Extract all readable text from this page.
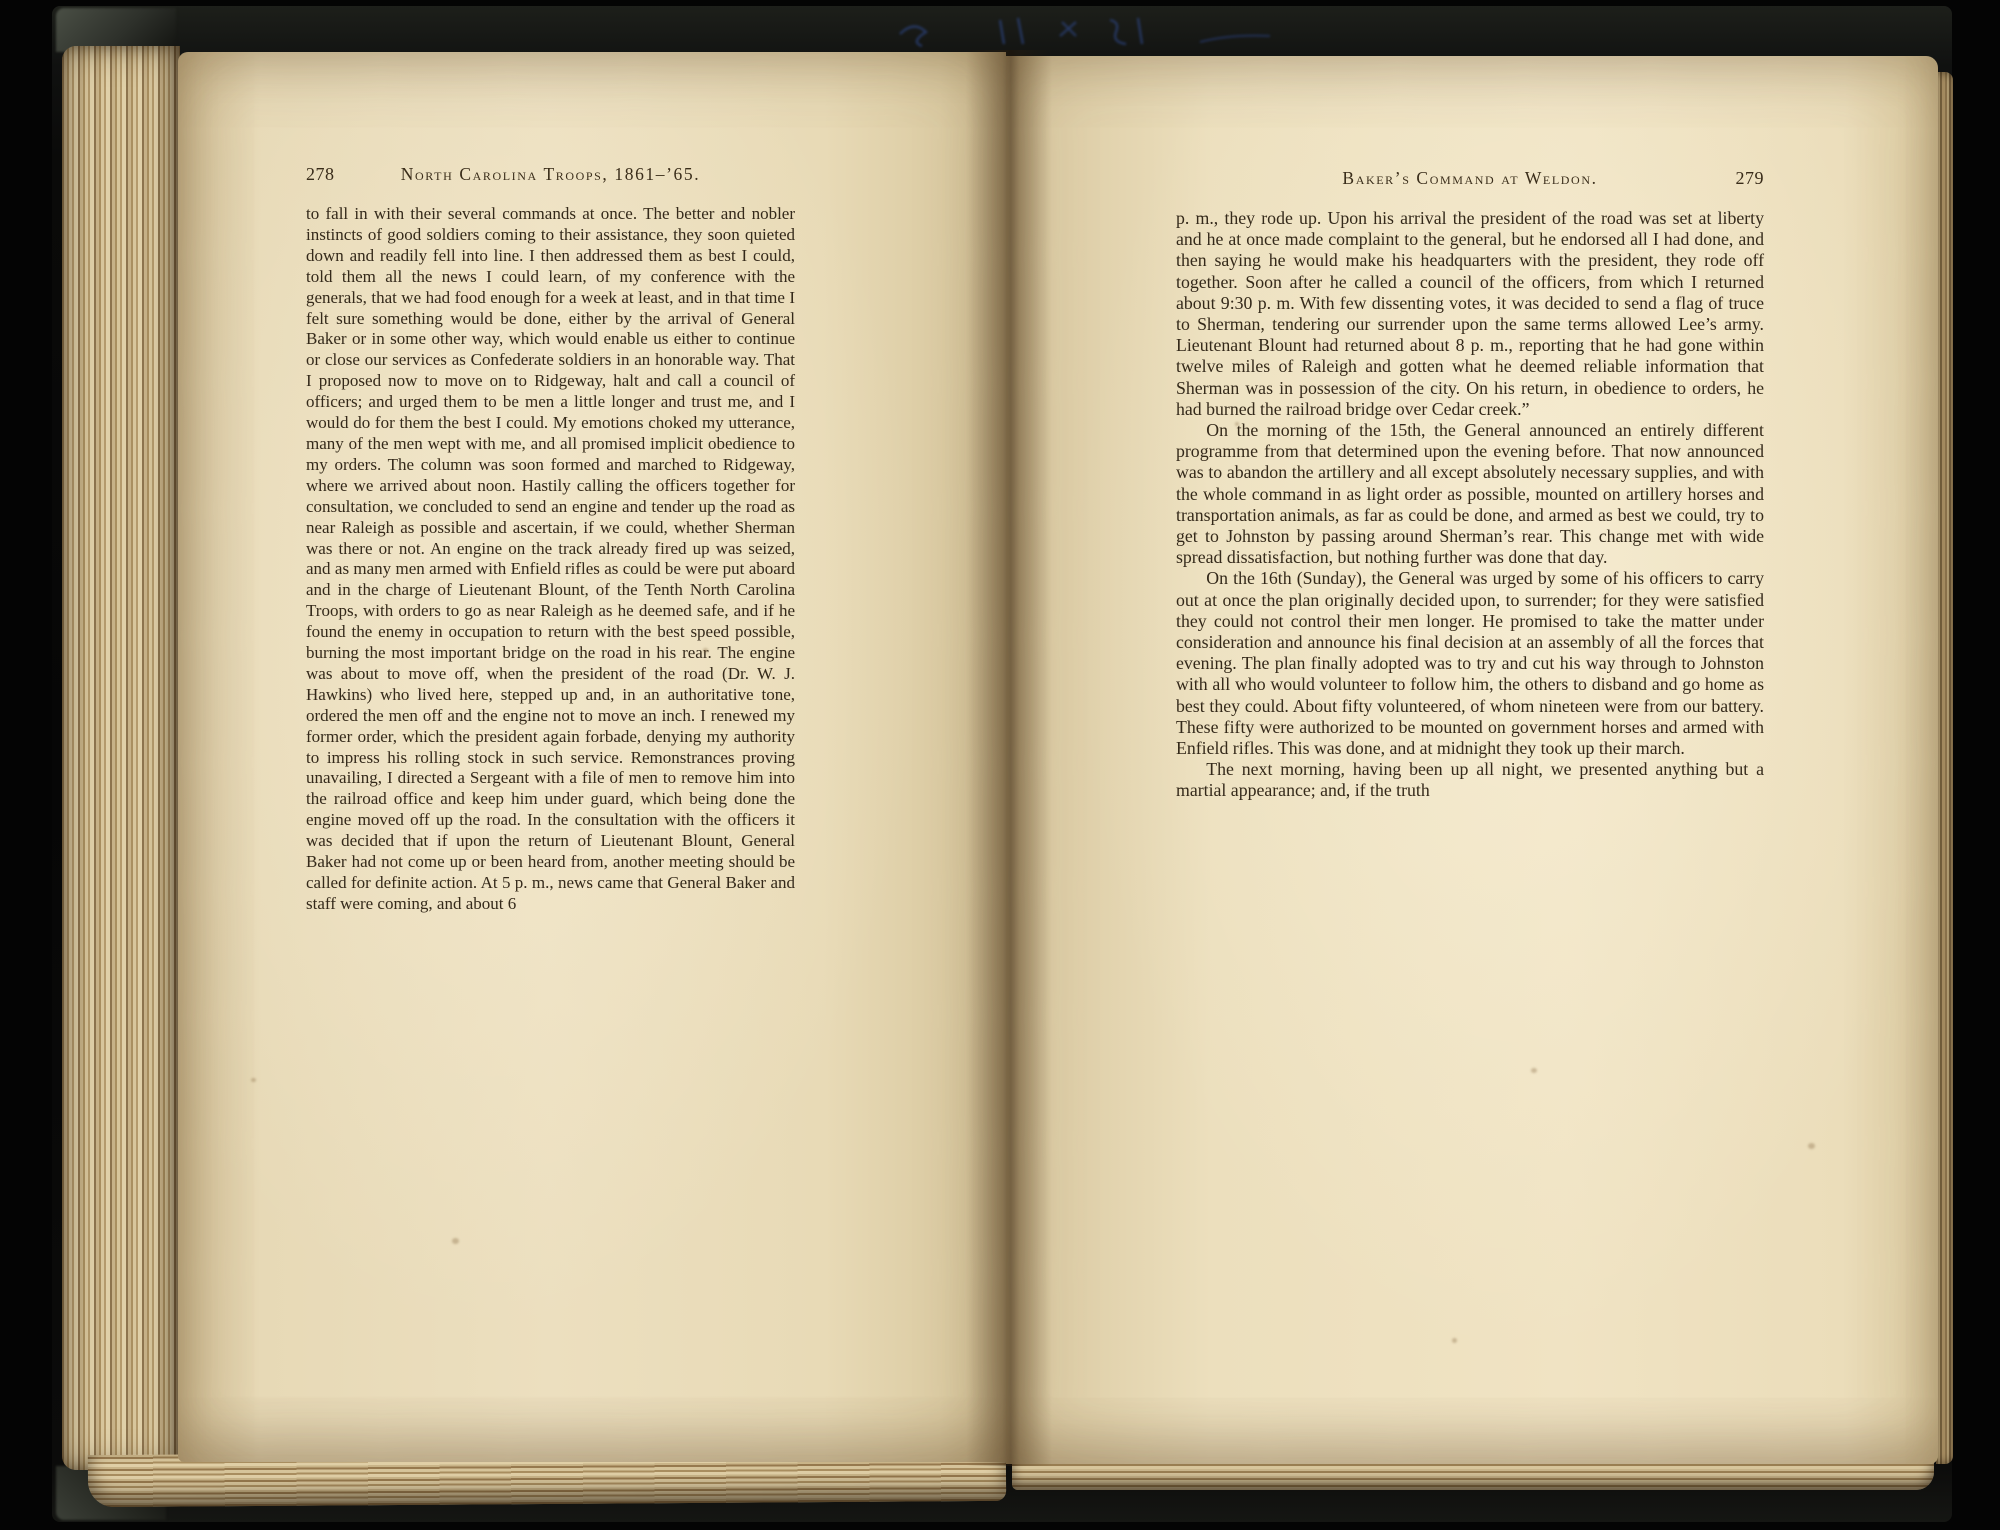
278	North Carolina Troops, 1861–’65.

to fall in with their several commands at once. The better and nobler instincts of good soldiers coming to their assistance, they soon quieted down and readily fell into line. I then addressed them as best I could, told them all the news I could learn, of my conference with the generals, that we had food enough for a week at least, and in that time I felt sure something would be done, either by the arrival of General Baker or in some other way, which would enable us either to continue or close our services as Confederate soldiers in an honorable way. That I proposed now to move on to Ridgeway, halt and call a council of officers; and urged them to be men a little longer and trust me, and I would do for them the best I could. My emotions choked my utterance, many of the men wept with me, and all promised implicit obedience to my orders. The column was soon formed and marched to Ridgeway, where we arrived about noon. Hastily calling the officers together for consultation, we concluded to send an engine and tender up the road as near Raleigh as possible and ascertain, if we could, whether Sherman was there or not. An engine on the track already fired up was seized, and as many men armed with Enfield rifles as could be were put aboard and in the charge of Lieutenant Blount, of the Tenth North Carolina Troops, with orders to go as near Raleigh as he deemed safe, and if he found the enemy in occupation to return with the best speed possible, burning the most important bridge on the road in his rear. The engine was about to move off, when the president of the road (Dr. W. J. Hawkins) who lived here, stepped up and, in an authoritative tone, ordered the men off and the engine not to move an inch. I renewed my former order, which the president again forbade, denying my authority to impress his rolling stock in such service. Remonstrances proving unavailing, I directed a Sergeant with a file of men to remove him into the railroad office and keep him under guard, which being done the engine moved off up the road. In the consultation with the officers it was decided that if upon the return of Lieutenant Blount, General Baker had not come up or been heard from, another meeting should be called for definite action. At 5 p. m., news came that General Baker and staff were coming, and about 6

Baker’s Command at Weldon.	279

p. m., they rode up. Upon his arrival the president of the road was set at liberty and he at once made complaint to the general, but he endorsed all I had done, and then saying he would make his headquarters with the president, they rode off together. Soon after he called a council of the officers, from which I returned about 9:30 p. m. With few dissenting votes, it was decided to send a flag of truce to Sherman, tendering our surrender upon the same terms allowed Lee’s army. Lieutenant Blount had returned about 8 p. m., reporting that he had gone within twelve miles of Raleigh and gotten what he deemed reliable information that Sherman was in possession of the city. On his return, in obedience to orders, he had burned the railroad bridge over Cedar creek.”

On the morning of the 15th, the General announced an entirely different programme from that determined upon the evening before. That now announced was to abandon the artillery and all except absolutely necessary supplies, and with the whole command in as light order as possible, mounted on artillery horses and transportation animals, as far as could be done, and armed as best we could, try to get to Johnston by passing around Sherman’s rear. This change met with wide spread dissatisfaction, but nothing further was done that day.

On the 16th (Sunday), the General was urged by some of his officers to carry out at once the plan originally decided upon, to surrender; for they were satisfied they could not control their men longer. He promised to take the matter under consideration and announce his final decision at an assembly of all the forces that evening. The plan finally adopted was to try and cut his way through to Johnston with all who would volunteer to follow him, the others to disband and go home as best they could. About fifty volunteered, of whom nineteen were from our battery. These fifty were authorized to be mounted on government horses and armed with Enfield rifles. This was done, and at midnight they took up their march.

The next morning, having been up all night, we presented anything but a martial appearance; and, if the truth
